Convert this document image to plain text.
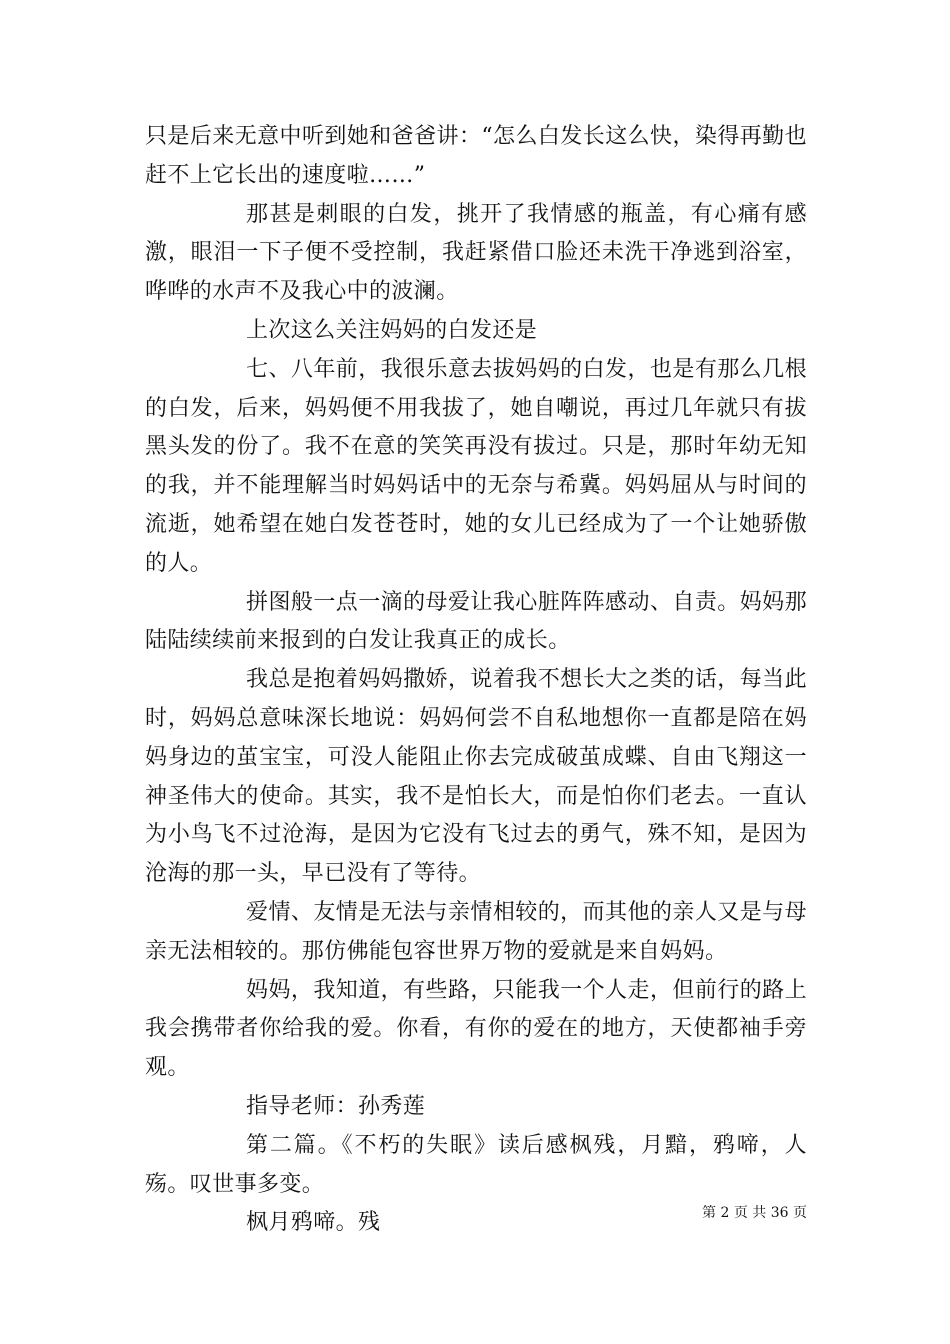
只是后来无意中听到她和爸爸讲：“怎么白发长这么快，染得再勤也赶不上它长出的速度啦……”

那甚是刺眼的白发，挑开了我情感的瓶盖，有心痛有感激，眼泪一下子便不受控制，我赶紧借口脸还未洗干净逃到浴室，哗哗的水声不及我心中的波澜。

上次这么关注妈妈的白发还是

七、八年前，我很乐意去拔妈妈的白发，也是有那么几根的白发，后来，妈妈便不用我拔了，她自嘲说，再过几年就只有拔黑头发的份了。我不在意的笑笑再没有拔过。只是，那时年幼无知的我，并不能理解当时妈妈话中的无奈与希冀。妈妈屈从与时间的流逝，她希望在她白发苍苍时，她的女儿已经成为了一个让她骄傲的人。

拼图般一点一滴的母爱让我心脏阵阵感动、自责。妈妈那陆陆续续前来报到的白发让我真正的成长。

我总是抱着妈妈撒娇，说着我不想长大之类的话，每当此时，妈妈总意味深长地说：妈妈何尝不自私地想你一直都是陪在妈妈身边的茧宝宝，可没人能阻止你去完成破茧成蝶、自由飞翔这一神圣伟大的使命。其实，我不是怕长大，而是怕你们老去。一直认为小鸟飞不过沧海，是因为它没有飞过去的勇气，殊不知，是因为沧海的那一头，早已没有了等待。

爱情、友情是无法与亲情相较的，而其他的亲人又是与母亲无法相较的。那仿佛能包容世界万物的爱就是来自妈妈。

妈妈，我知道，有些路，只能我一个人走，但前行的路上我会携带者你给我的爱。你看，有你的爱在的地方，天使都袖手旁观。

指导老师：孙秀莲

第二篇。《不朽的失眠》读后感枫残，月黯，鸦啼，人殇。叹世事多变。

枫月鸦啼。残	第 2 页 共 36 页
